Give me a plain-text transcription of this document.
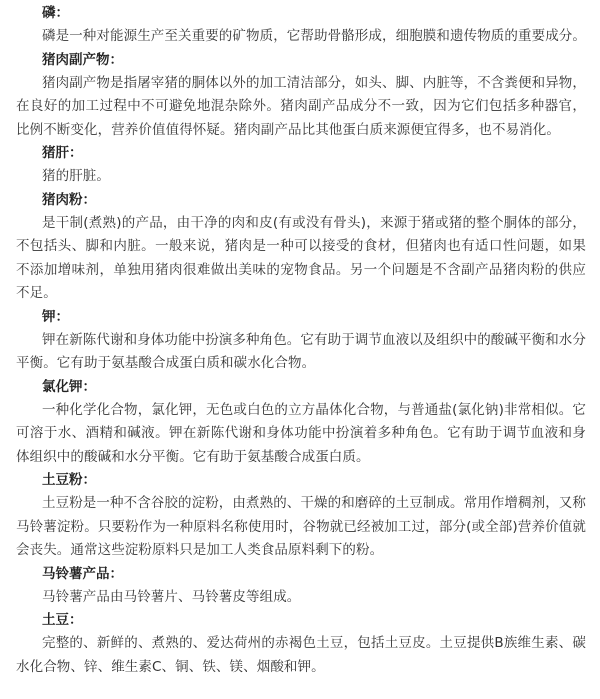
磷：

磷是一种对能源生产至关重要的矿物质，它帮助骨骼形成，细胞膜和遗传物质的重要成分。

猪肉副产物：

猪肉副产物是指屠宰猪的胴体以外的加工清洁部分，如头、脚、内脏等，不含粪便和异物，在良好的加工过程中不可避免地混杂除外。猪肉副产品成分不一致，因为它们包括多种器官，比例不断变化，营养价值值得怀疑。猪肉副产品比其他蛋白质来源便宜得多，也不易消化。

猪肝：

猪的肝脏。

猪肉粉：

是干制(煮熟)的产品，由干净的肉和皮(有或没有骨头)，来源于猪或猪的整个胴体的部分，不包括头、脚和内脏。一般来说，猪肉是一种可以接受的食材，但猪肉也有适口性问题，如果不添加增味剂，单独用猪肉很难做出美味的宠物食品。另一个问题是不含副产品猪肉粉的供应不足。

钾：

钾在新陈代谢和身体功能中扮演多种角色。它有助于调节血液以及组织中的酸碱平衡和水分平衡。它有助于氨基酸合成蛋白质和碳水化合物。

氯化钾：

一种化学化合物，氯化钾，无色或白色的立方晶体化合物，与普通盐(氯化钠)非常相似。它可溶于水、酒精和碱液。钾在新陈代谢和身体功能中扮演着多种角色。它有助于调节血液和身体组织中的酸碱和水分平衡。它有助于氨基酸合成蛋白质。

土豆粉：

土豆粉是一种不含谷胶的淀粉，由煮熟的、干燥的和磨碎的土豆制成。常用作增稠剂，又称马铃薯淀粉。只要粉作为一种原料名称使用时，谷物就已经被加工过，部分(或全部)营养价值就会丧失。通常这些淀粉原料只是加工人类食品原料剩下的粉。

马铃薯产品：

马铃薯产品由马铃薯片、马铃薯皮等组成。

土豆：

完整的、新鲜的、煮熟的、爱达荷州的赤褐色土豆，包括土豆皮。土豆提供B族维生素、碳水化合物、锌、维生素C、铜、铁、镁、烟酸和钾。
